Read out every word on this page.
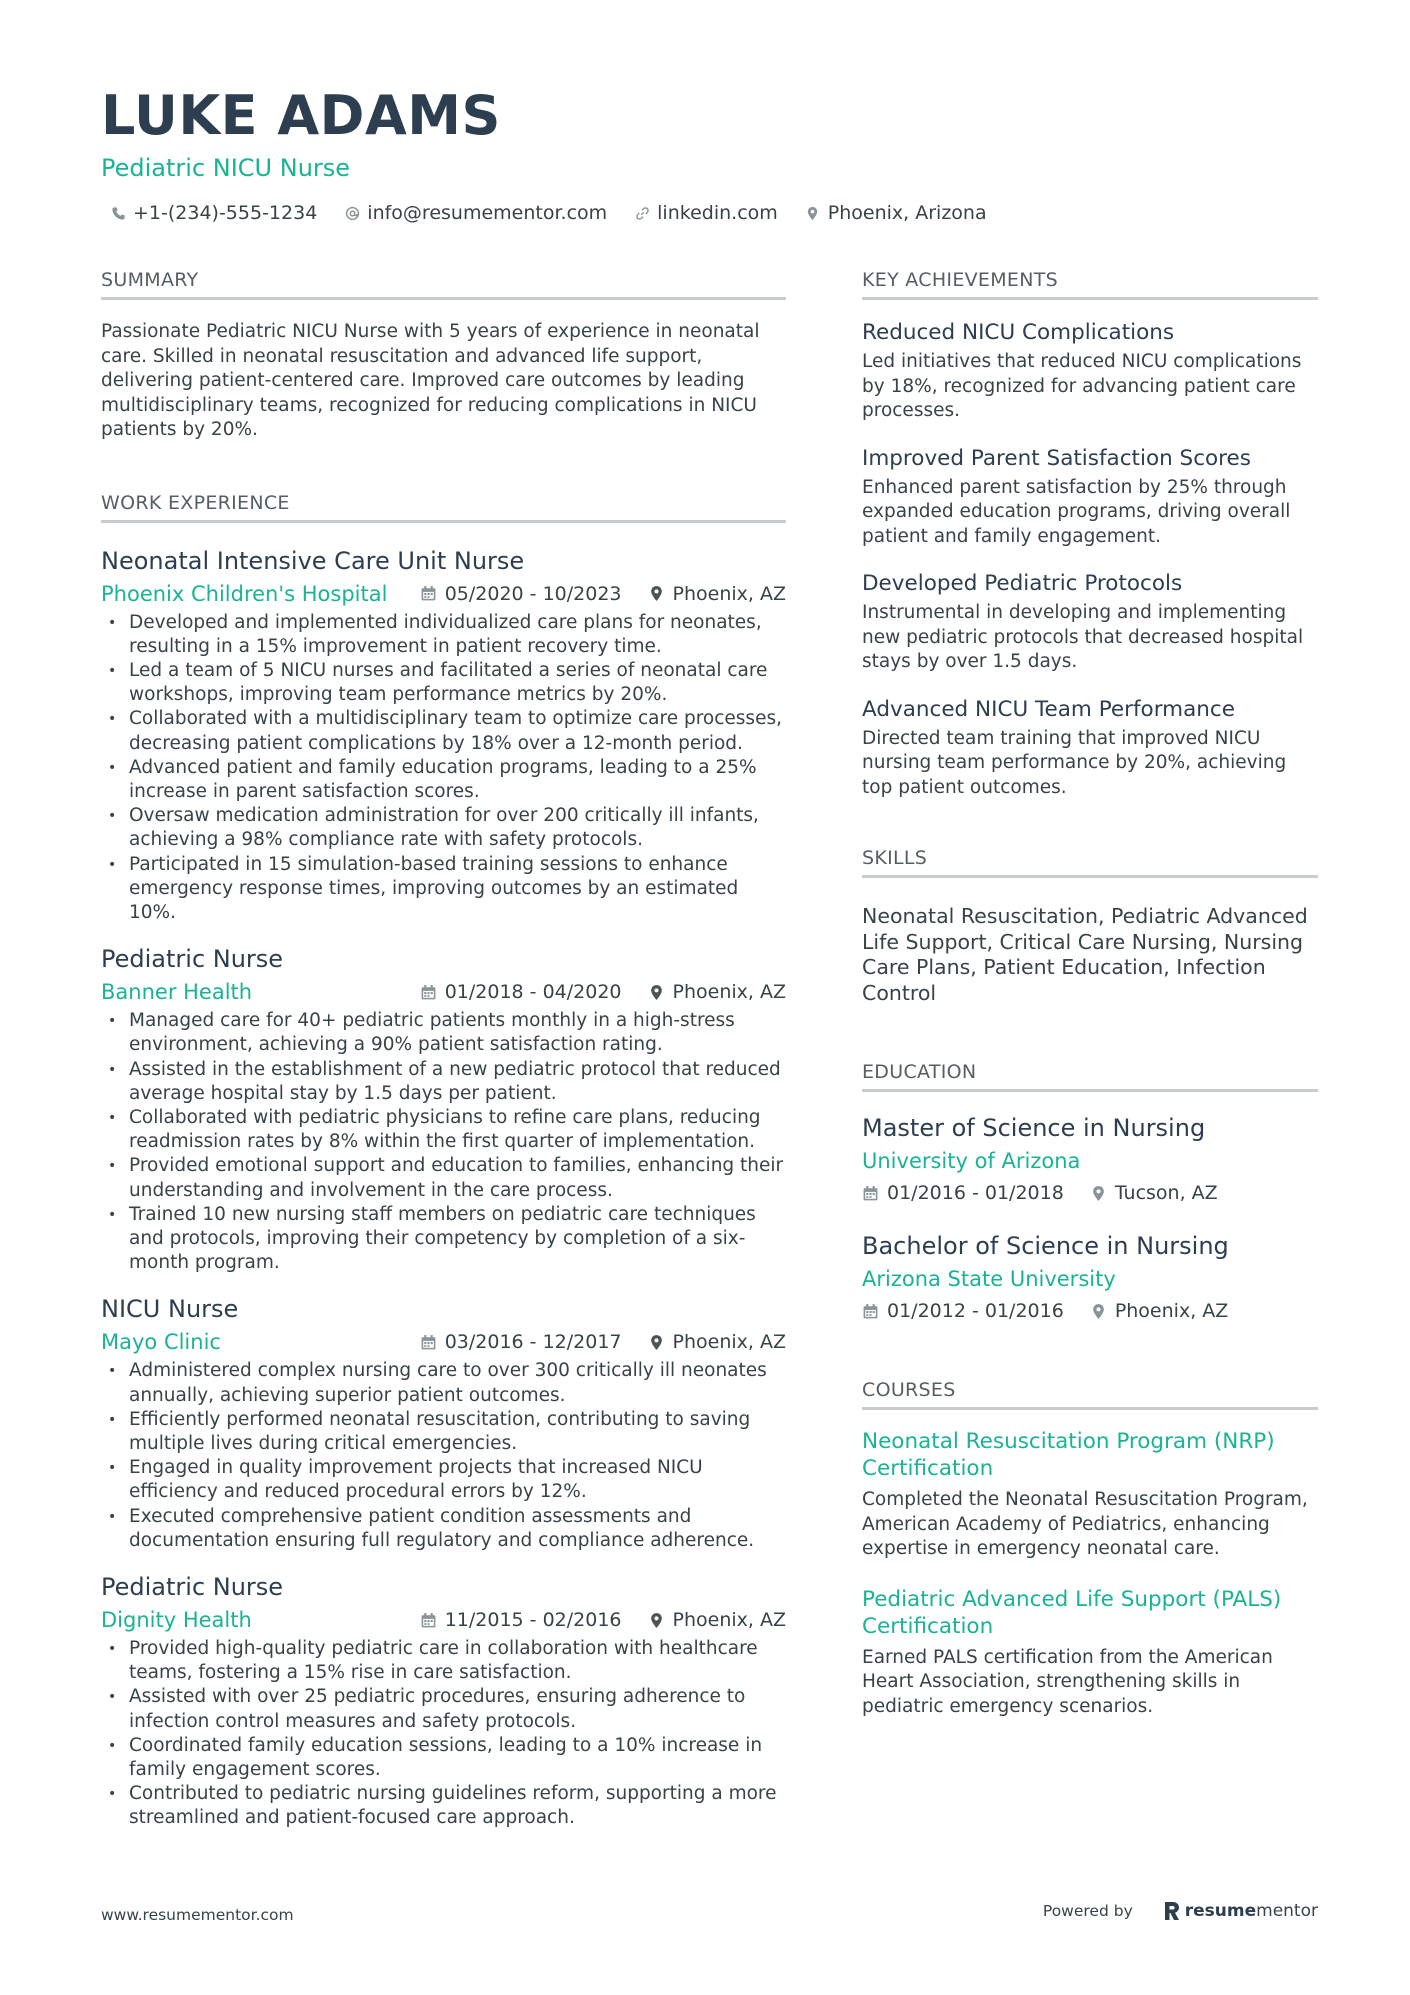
LUKE ADAMS
Pediatric NICU Nurse
+1-(234)-555-1234	info@resumementor.com	linkedin.com	Phoenix, Arizona
SUMMARY

Passionate Pediatric NICU Nurse with 5 years of experience in neonatal care. Skilled in neonatal resuscitation and advanced life support, delivering patient-centered care. Improved care outcomes by leading multidisciplinary teams, recognized for reducing complications in NICU patients by 20%.

WORK EXPERIENCE
Neonatal Intensive Care Unit Nurse
Phoenix Children's Hospital	05/2020 - 10/2023	Phoenix, AZ
• Developed and implemented individualized care plans for neonates, resulting in a 15% improvement in patient recovery time.
• Led a team of 5 NICU nurses and facilitated a series of neonatal care workshops, improving team performance metrics by 20%.
• Collaborated with a multidisciplinary team to optimize care processes, decreasing patient complications by 18% over a 12-month period.
• Advanced patient and family education programs, leading to a 25% increase in parent satisfaction scores.
• Oversaw medication administration for over 200 critically ill infants, achieving a 98% compliance rate with safety protocols.
• Participated in 15 simulation-based training sessions to enhance emergency response times, improving outcomes by an estimated 10%.
Pediatric Nurse
Banner Health	01/2018 - 04/2020	Phoenix, AZ
• Managed care for 40+ pediatric patients monthly in a high-stress environment, achieving a 90% patient satisfaction rating.
• Assisted in the establishment of a new pediatric protocol that reduced average hospital stay by 1.5 days per patient.
• Collaborated with pediatric physicians to refine care plans, reducing readmission rates by 8% within the first quarter of implementation.
• Provided emotional support and education to families, enhancing their understanding and involvement in the care process.
• Trained 10 new nursing staff members on pediatric care techniques and protocols, improving their competency by completion of a six-month program.
NICU Nurse
Mayo Clinic	03/2016 - 12/2017	Phoenix, AZ
• Administered complex nursing care to over 300 critically ill neonates annually, achieving superior patient outcomes.
• Efficiently performed neonatal resuscitation, contributing to saving multiple lives during critical emergencies.
• Engaged in quality improvement projects that increased NICU efficiency and reduced procedural errors by 12%.
• Executed comprehensive patient condition assessments and documentation ensuring full regulatory and compliance adherence.
Pediatric Nurse
Dignity Health	11/2015 - 02/2016	Phoenix, AZ
• Provided high-quality pediatric care in collaboration with healthcare teams, fostering a 15% rise in care satisfaction.
• Assisted with over 25 pediatric procedures, ensuring adherence to infection control measures and safety protocols.
• Coordinated family education sessions, leading to a 10% increase in family engagement scores.
• Contributed to pediatric nursing guidelines reform, supporting a more streamlined and patient-focused care approach.
KEY ACHIEVEMENTS
Reduced NICU Complications
Led initiatives that reduced NICU complications by 18%, recognized for advancing patient care processes.
Improved Parent Satisfaction Scores
Enhanced parent satisfaction by 25% through expanded education programs, driving overall patient and family engagement.
Developed Pediatric Protocols
Instrumental in developing and implementing new pediatric protocols that decreased hospital stays by over 1.5 days.
Advanced NICU Team Performance
Directed team training that improved NICU nursing team performance by 20%, achieving top patient outcomes.
SKILLS

Neonatal Resuscitation, Pediatric Advanced Life Support, Critical Care Nursing, Nursing Care Plans, Patient Education, Infection Control

EDUCATION
Master of Science in Nursing
University of Arizona
01/2016 - 01/2018	Tucson, AZ
Bachelor of Science in Nursing
Arizona State University
01/2012 - 01/2016	Phoenix, AZ
COURSES
Neonatal Resuscitation Program (NRP) Certification
Completed the Neonatal Resuscitation Program, American Academy of Pediatrics, enhancing expertise in emergency neonatal care.
Pediatric Advanced Life Support (PALS) Certification
Earned PALS certification from the American Heart Association, strengthening skills in pediatric emergency scenarios.
www.resumementor.com	Powered by	resume mentor
